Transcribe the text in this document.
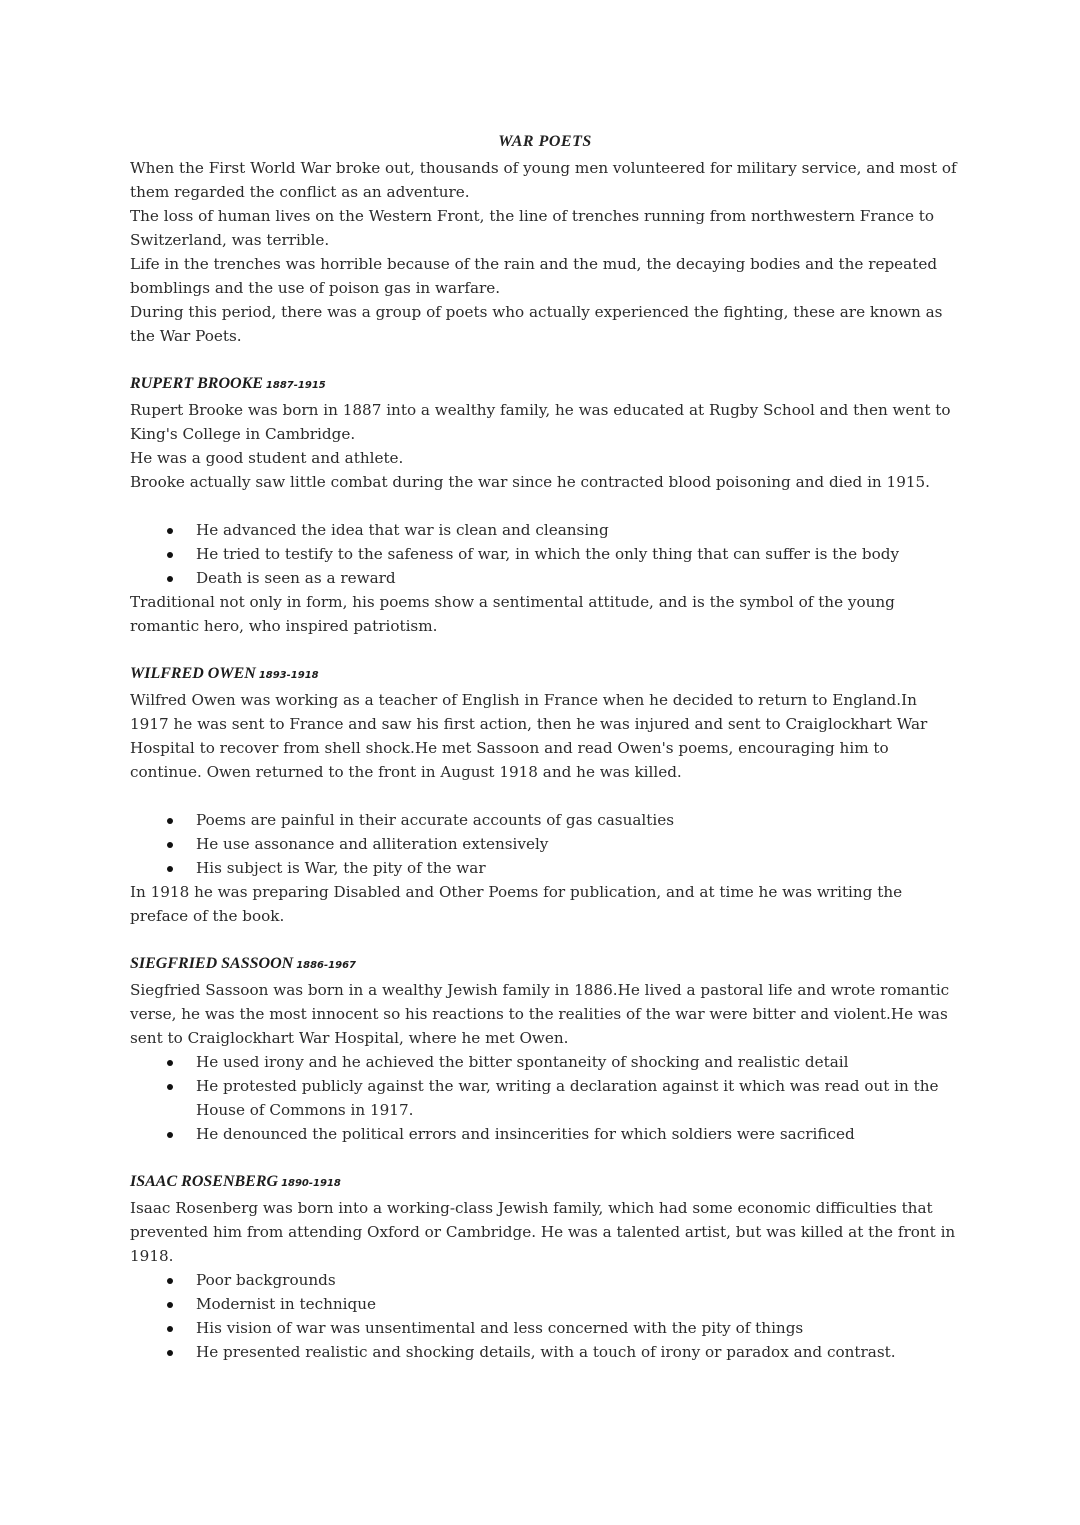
WAR POETS

When the First World War broke out, thousands of young men volunteered for military service, and most of them regarded the conflict as an adventure.

The loss of human lives on the Western Front, the line of trenches running from northwestern France to Switzerland, was terrible.

Life in the trenches was horrible because of the rain and the mud, the decaying bodies and the repeated bomblings and the use of poison gas in warfare.

During this period, there was a group of poets who actually experienced the fighting, these are known as the War Poets.

RUPERT BROOKE 1887-1915

Rupert Brooke was born in 1887 into a wealthy family, he was educated at Rugby School and then went to King's College in Cambridge.

He was a good student and athlete.

Brooke actually saw little combat during the war since he contracted blood poisoning and died in 1915.

He advanced the idea that war is clean and cleansing
He tried to testify to the safeness of war, in which the only thing that can suffer is the body
Death is seen as a reward

Traditional not only in form, his poems show a sentimental attitude, and is the symbol of the young romantic hero, who inspired patriotism.

WILFRED OWEN 1893-1918

Wilfred Owen was working as a teacher of English in France when he decided to return to England.In 1917 he was sent to France and saw his first action, then he was injured and sent to Craiglockhart War Hospital to recover from shell shock.He met Sassoon and read Owen's poems, encouraging him to continue. Owen returned to the front in August 1918 and he was killed.

Poems are painful in their accurate accounts of gas casualties
He use assonance and alliteration extensively
His subject is War, the pity of the war

In 1918 he was preparing Disabled and Other Poems for publication, and at time he was writing the preface of the book.

SIEGFRIED SASSOON 1886-1967

Siegfried Sassoon was born in a wealthy Jewish family in 1886.He lived a pastoral life and wrote romantic verse, he was the most innocent so his reactions to the realities of the war were bitter and violent.He was sent to Craiglockhart War Hospital, where he met Owen.

He used irony and he achieved the bitter spontaneity of shocking and realistic detail
He protested publicly against the war, writing a declaration against it which was read out in the House of Commons in 1917.
He denounced the political errors and insincerities for which soldiers were sacrificed
ISAAC ROSENBERG 1890-1918

Isaac Rosenberg was born into a working-class Jewish family, which had some economic difficulties that prevented him from attending Oxford or Cambridge. He was a talented artist, but was killed at the front in 1918.

Poor backgrounds
Modernist in technique
His vision of war was unsentimental and less concerned with the pity of things
He presented realistic and shocking details, with a touch of irony or paradox and contrast.
